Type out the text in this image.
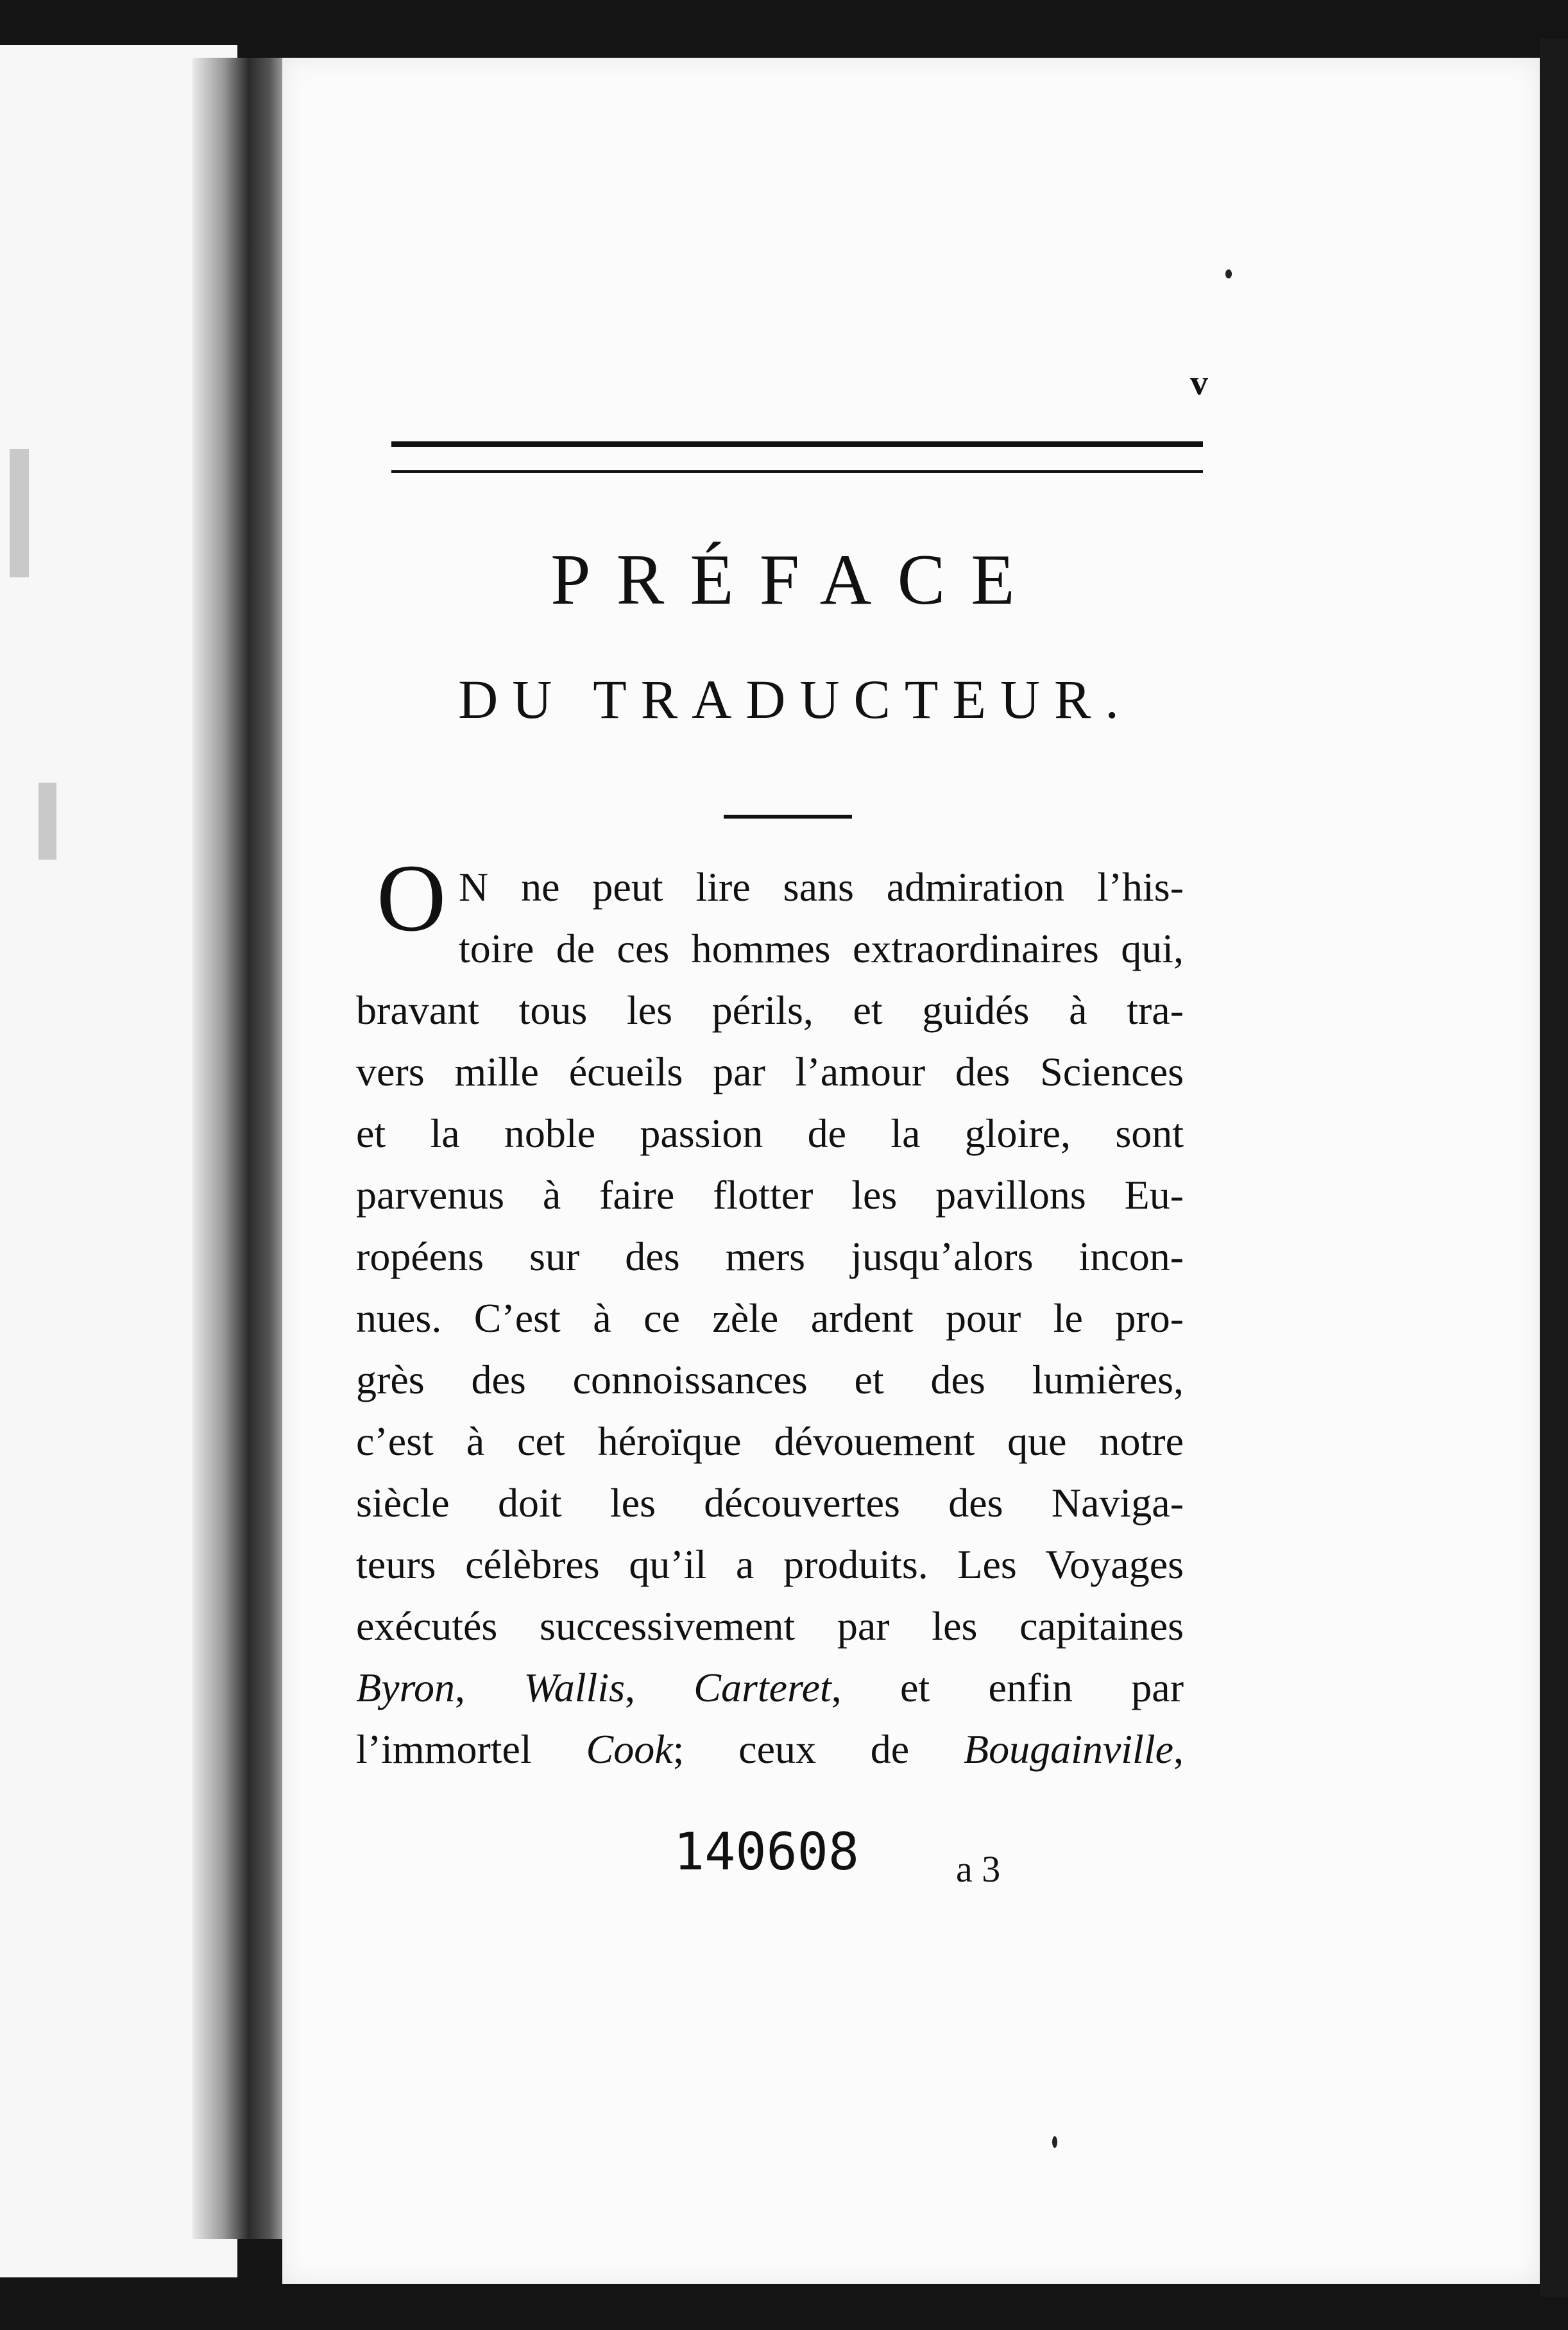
v
PRÉFACE
DU TRADUCTEUR.
O N ne peut lire sans admiration l’his-
toire de ces hommes extraordinaires qui,
bravant tous les périls, et guidés à tra-
vers mille écueils par l’amour des Sciences
et la noble passion de la gloire, sont
parvenus à faire flotter les pavillons Eu-
ropéens sur des mers jusqu’alors incon-
nues. C’est à ce zèle ardent pour le pro-
grès des connoissances et des lumières,
c’est à cet héroïque dévouement que notre
siècle doit les découvertes des Naviga-
teurs célèbres qu’il a produits. Les Voyages
exécutés successivement par les capitaines
Byron, Wallis, Carteret, et enfin par
l’immortel Cook; ceux de Bougainville,
140608	a 3
